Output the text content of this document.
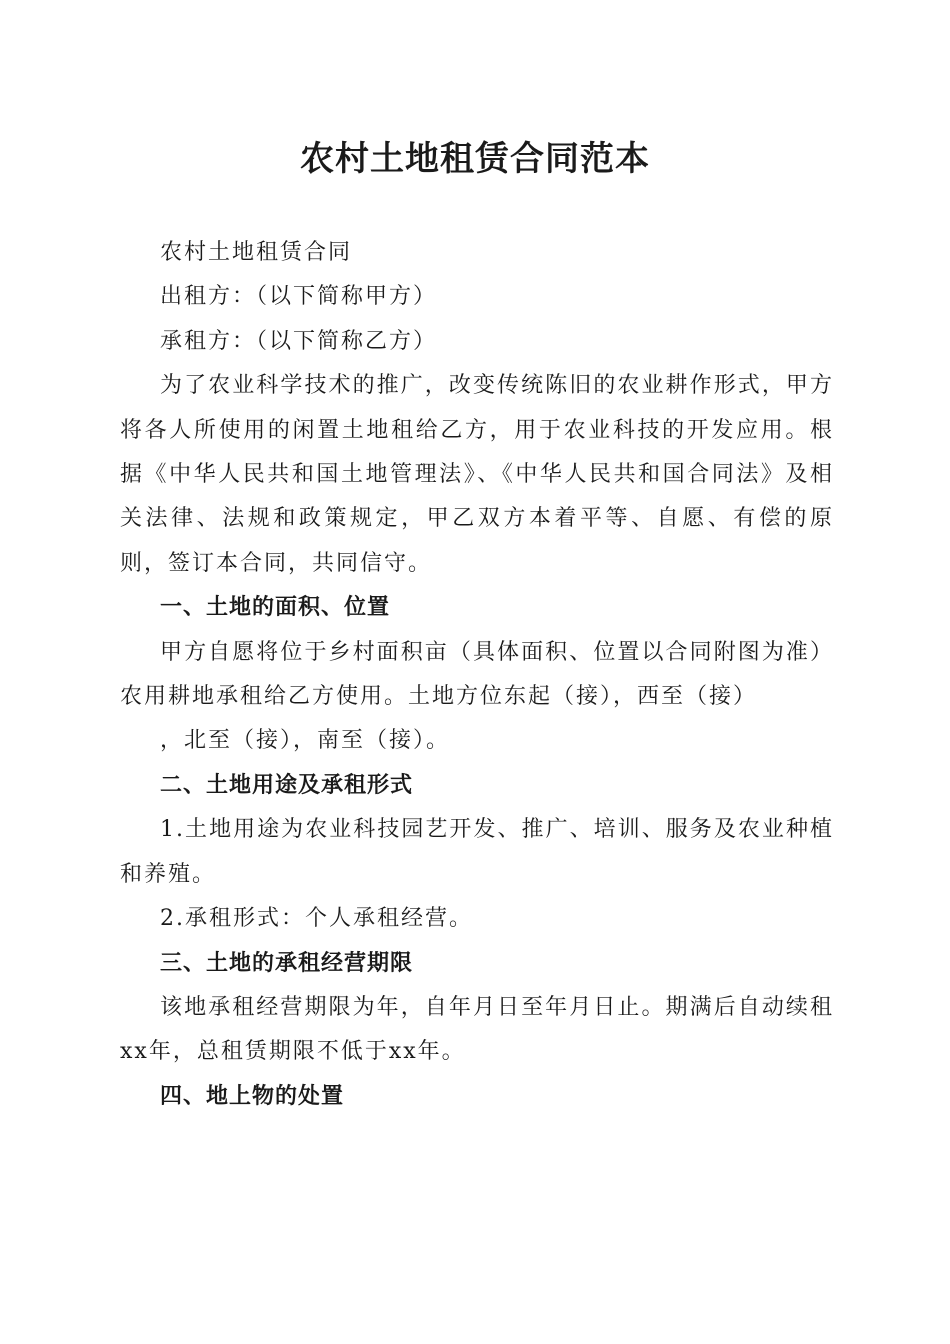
农村土地租赁合同范本

农村土地租赁合同

出租方：（以下简称甲方）

承租方：（以下简称乙方）

为了农业科学技术的推广，改变传统陈旧的农业耕作形式，甲方将各人所使用的闲置土地租给乙方，用于农业科技的开发应用。根据《中华人民共和国土地管理法》、《中华人民共和国合同法》及相关法律、法规和政策规定，甲乙双方本着平等、自愿、有偿的原则，签订本合同，共同信守。

一、土地的面积、位置

甲方自愿将位于乡村面积亩（具体面积、位置以合同附图为准）农用耕地承租给乙方使用。土地方位东起（接），西至（接）

，北至（接），南至（接）。

二、土地用途及承租形式

1.土地用途为农业科技园艺开发、推广、培训、服务及农业种植和养殖。

2.承租形式：个人承租经营。

三、土地的承租经营期限

该地承租经营期限为年，自年月日至年月日止。期满后自动续租xx年，总租赁期限不低于xx年。

四、地上物的处置
